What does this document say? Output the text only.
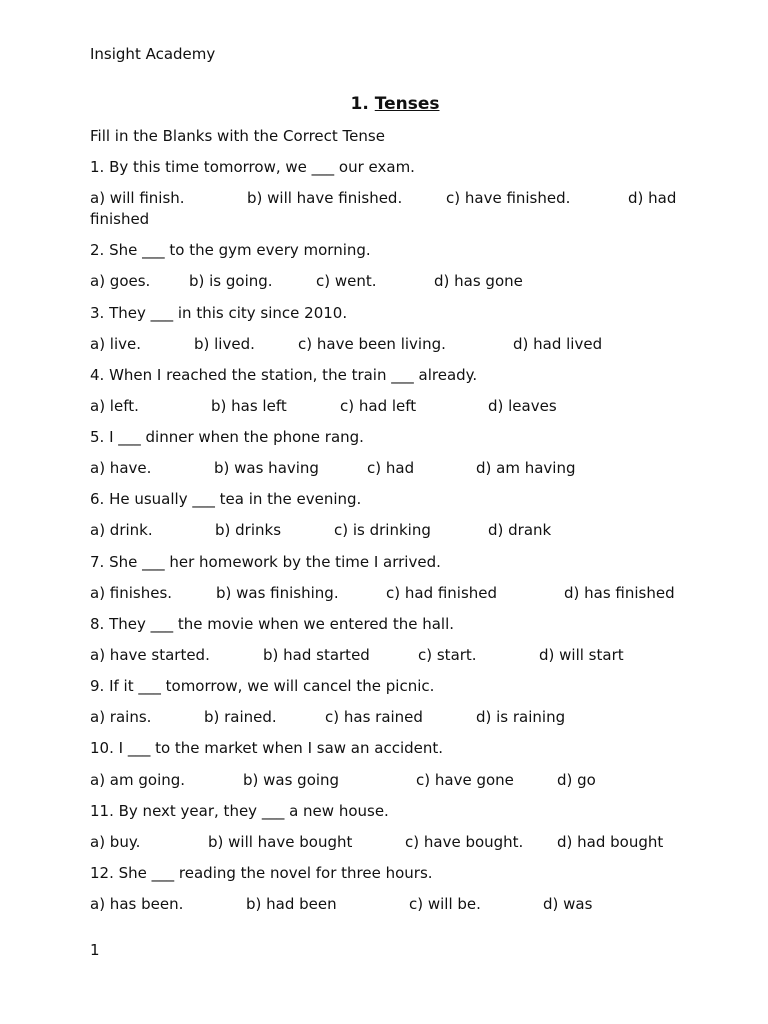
Insight Academy
1. Tenses
Fill in the Blanks with the Correct Tense
1. By this time tomorrow, we ___ our exam.
a) will finish.	b) will have finished.	c) have finished.	d) had
finished
2. She ___ to the gym every morning.
a) goes.	b) is going.	c) went.	d) has gone
3. They ___ in this city since 2010.
a) live.	b) lived.	c) have been living.	d) had lived
4. When I reached the station, the train ___ already.
a) left.	b) has left	c) had left	d) leaves
5. I ___ dinner when the phone rang.
a) have.	b) was having	c) had	d) am having
6. He usually ___ tea in the evening.
a) drink.	b) drinks	c) is drinking	d) drank
7. She ___ her homework by the time I arrived.
a) finishes.	b) was finishing.	c) had finished	d) has finished
8. They ___ the movie when we entered the hall.
a) have started.	b) had started	c) start.	d) will start
9. If it ___ tomorrow, we will cancel the picnic.
a) rains.	b) rained.	c) has rained	d) is raining
10. I ___ to the market when I saw an accident.
a) am going.	b) was going	c) have gone	d) go
11. By next year, they ___ a new house.
a) buy.	b) will have bought	c) have bought. d) had bought
12. She ___ reading the novel for three hours.
a) has been.	b) had been	c) will be.	d) was
1
